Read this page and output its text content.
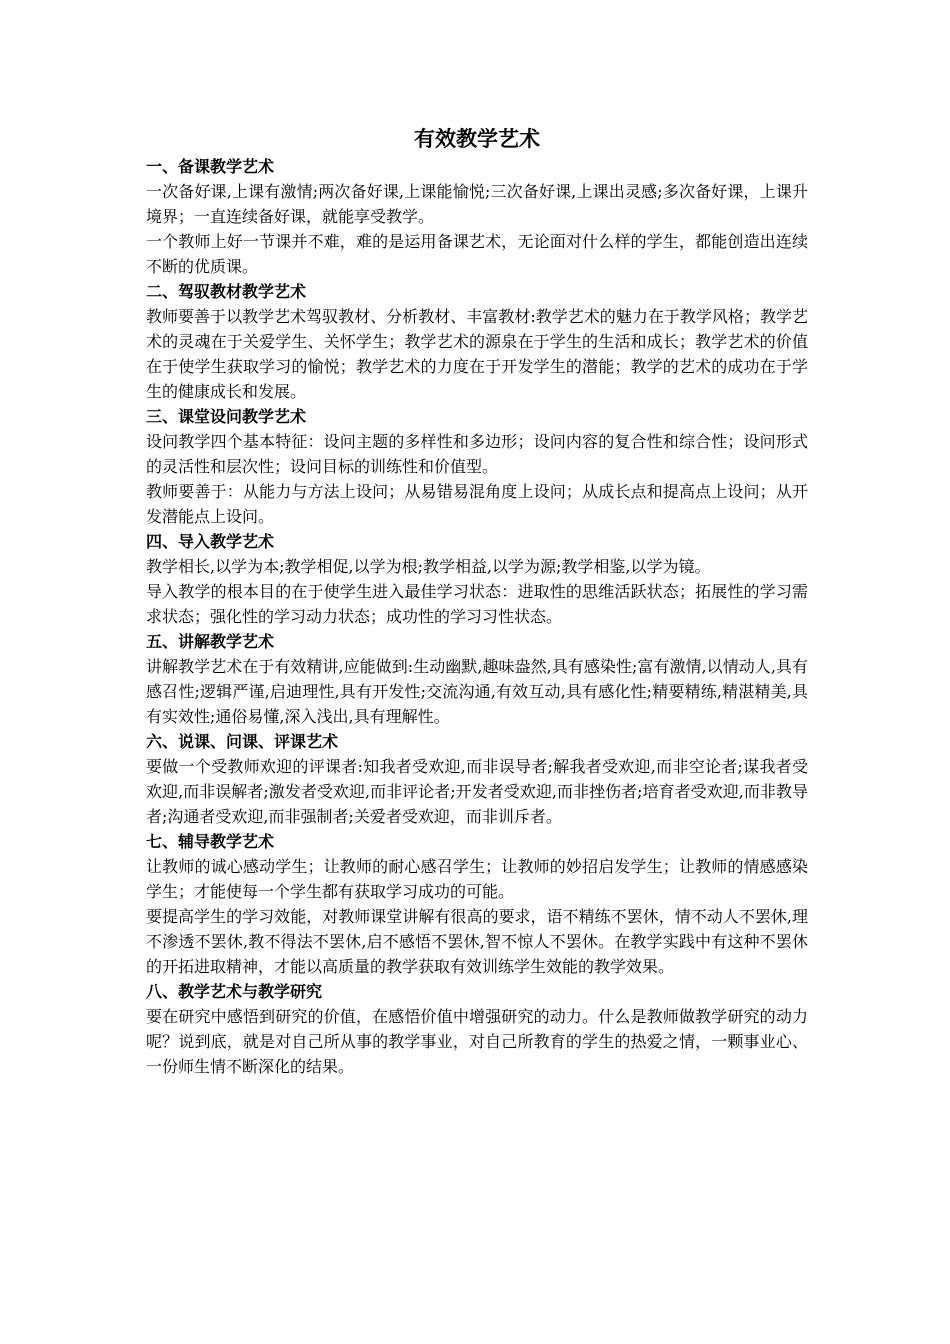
有效教学艺术
一、备课教学艺术

一次备好课,上课有激情;两次备好课,上课能愉悦;三次备好课,上课出灵感;多次备好课，上课升境界；一直连续备好课，就能享受教学。

一个教师上好一节课并不难，难的是运用备课艺术，无论面对什么样的学生，都能创造出连续不断的优质课。

二、驾驭教材教学艺术

教师要善于以教学艺术驾驭教材、分析教材、丰富教材:教学艺术的魅力在于教学风格；教学艺术的灵魂在于关爱学生、关怀学生；教学艺术的源泉在于学生的生活和成长；教学艺术的价值在于使学生获取学习的愉悦；教学艺术的力度在于开发学生的潜能；教学的艺术的成功在于学生的健康成长和发展。

三、课堂设问教学艺术

设问教学四个基本特征：设问主题的多样性和多边形；设问内容的复合性和综合性；设问形式的灵活性和层次性；设问目标的训练性和价值型。

教师要善于：从能力与方法上设问；从易错易混角度上设问；从成长点和提高点上设问；从开发潜能点上设问。

四、导入教学艺术

教学相长,以学为本;教学相促,以学为根;教学相益,以学为源;教学相鉴,以学为镜。

导入教学的根本目的在于使学生进入最佳学习状态：进取性的思维活跃状态；拓展性的学习需求状态；强化性的学习动力状态；成功性的学习习性状态。

五、讲解教学艺术

讲解教学艺术在于有效精讲,应能做到:生动幽默,趣味盎然,具有感染性;富有激情,以情动人,具有感召性;逻辑严谨,启迪理性,具有开发性;交流沟通,有效互动,具有感化性;精要精练,精湛精美,具有实效性;通俗易懂,深入浅出,具有理解性。

六、说课、问课、评课艺术

要做一个受教师欢迎的评课者:知我者受欢迎,而非误导者;解我者受欢迎,而非空论者;谋我者受欢迎,而非误解者;激发者受欢迎,而非评论者;开发者受欢迎,而非挫伤者;培育者受欢迎,而非教导者;沟通者受欢迎,而非强制者;关爱者受欢迎，而非训斥者。

七、辅导教学艺术

让教师的诚心感动学生；让教师的耐心感召学生；让教师的妙招启发学生；让教师的情感感染学生；才能使每一个学生都有获取学习成功的可能。

要提高学生的学习效能，对教师课堂讲解有很高的要求，语不精练不罢休，情不动人不罢休,理不渗透不罢休,教不得法不罢休,启不感悟不罢休,智不惊人不罢休。在教学实践中有这种不罢休的开拓进取精神，才能以高质量的教学获取有效训练学生效能的教学效果。

八、教学艺术与教学研究

要在研究中感悟到研究的价值，在感悟价值中增强研究的动力。什么是教师做教学研究的动力呢？说到底，就是对自己所从事的教学事业，对自己所教育的学生的热爱之情，一颗事业心、一份师生情不断深化的结果。
